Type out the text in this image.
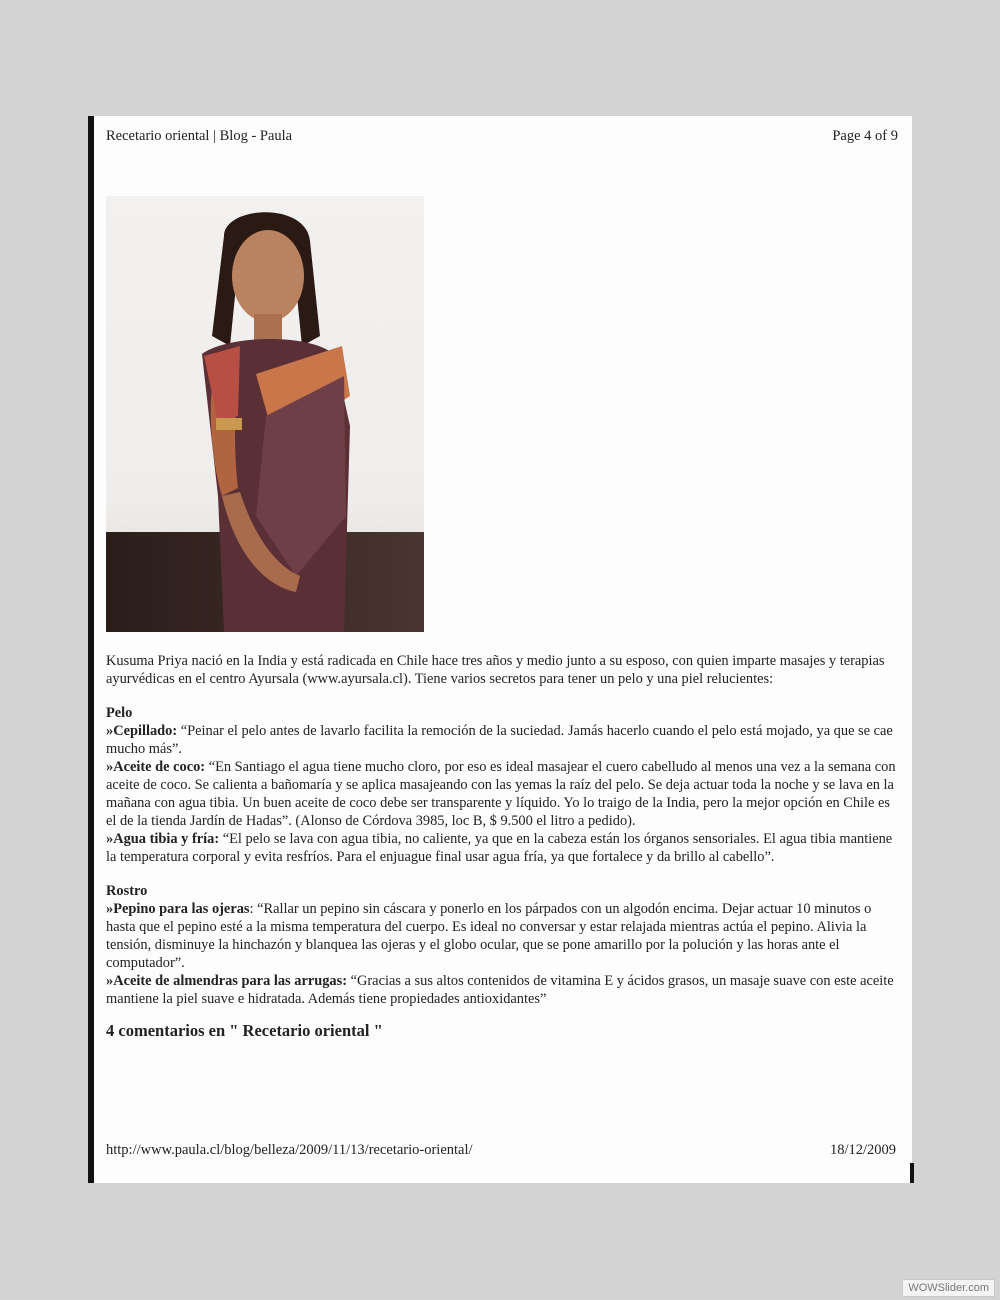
Recetario oriental | Blog - Paula	Page 4 of 9

Kusuma Priya nació en la India y está radicada en Chile hace tres años y medio junto a su esposo, con quien imparte masajes y terapias ayurvédicas en el centro Ayursala (www.ayursala.cl). Tiene varios secretos para tener un pelo y una piel relucientes:

Pelo

»Cepillado: “Peinar el pelo antes de lavarlo facilita la remoción de la suciedad. Jamás hacerlo cuando el pelo está mojado, ya que se cae mucho más”.

»Aceite de coco: “En Santiago el agua tiene mucho cloro, por eso es ideal masajear el cuero cabelludo al menos una vez a la semana con aceite de coco. Se calienta a bañomaría y se aplica masajeando con las yemas la raíz del pelo. Se deja actuar toda la noche y se lava en la mañana con agua tibia. Un buen aceite de coco debe ser transparente y líquido. Yo lo traigo de la India, pero la mejor opción en Chile es el de la tienda Jardín de Hadas”. (Alonso de Córdova 3985, loc B, $ 9.500 el litro a pedido).

»Agua tibia y fría: “El pelo se lava con agua tibia, no caliente, ya que en la cabeza están los órganos sensoriales. El agua tibia mantiene la temperatura corporal y evita resfríos. Para el enjuague final usar agua fría, ya que fortalece y da brillo al cabello”.

Rostro

»Pepino para las ojeras: “Rallar un pepino sin cáscara y ponerlo en los párpados con un algodón encima. Dejar actuar 10 minutos o hasta que el pepino esté a la misma temperatura del cuerpo. Es ideal no conversar y estar relajada mientras actúa el pepino. Alivia la tensión, disminuye la hinchazón y blanquea las ojeras y el globo ocular, que se pone amarillo por la polución y las horas ante el computador”.

»Aceite de almendras para las arrugas: “Gracias a sus altos contenidos de vitamina E y ácidos grasos, un masaje suave con este aceite mantiene la piel suave e hidratada. Además tiene propiedades antioxidantes”

4 comentarios en " Recetario oriental "

http://www.paula.cl/blog/belleza/2009/11/13/recetario-oriental/	18/12/2009
WOWSlider.com
